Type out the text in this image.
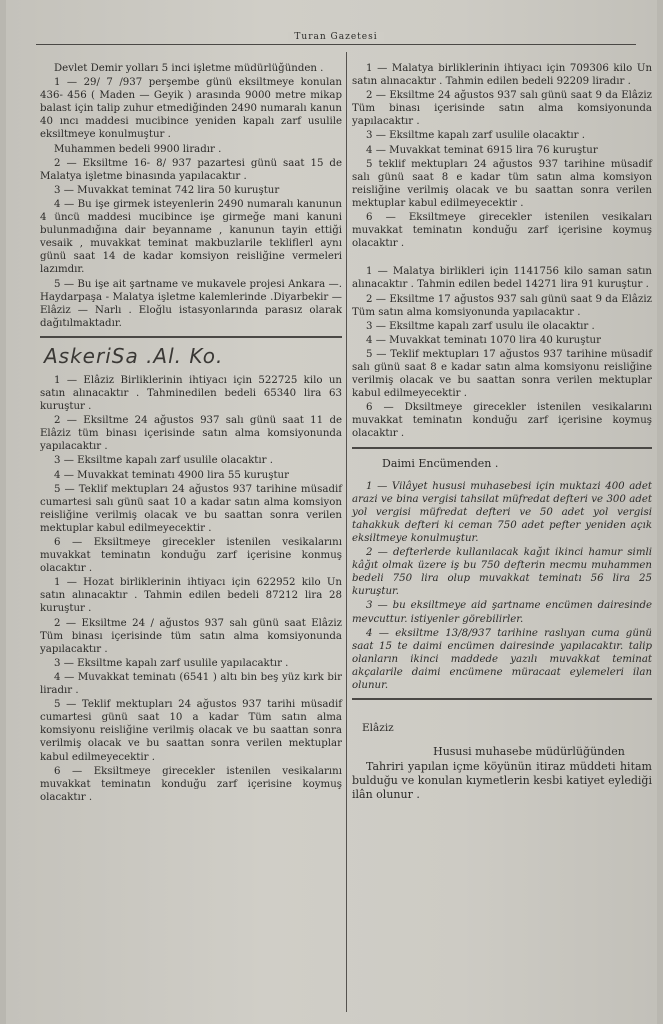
Turan Gazetesi

Devlet Demir yolları 5 inci işletme müdürlüğünden .

1 — 29/ 7 /937 perşembe günü eksiltmeye konulan 436- 456 ( Maden — Geyik ) arasında 9000 metre mikap balast için talip zuhur etmediğinden 2490 numaralı kanun 40 ıncı maddesi mucibince yeniden kapalı zarf usulile eksiltmeye konulmuştur .

Muhammen bedeli 9900 liradır .

2 — Eksiltme 16- 8/ 937 pazartesi günü saat 15 de Malatya işletme binasında yapılacaktır .

3 — Muvakkat teminat 742 lira 50 kuruştur

4 — Bu işe girmek isteyenlerin 2490 numaralı kanunun 4 üncü maddesi mucibince işe girmeğe mani kanuni bulunmadığına dair beyanname , kanunun tayin ettiği vesaik , muvakkat teminat makbuzlarile tekliflerl aynı günü saat 14 de kadar komsiyon reisliğine vermeleri lazımdır.

5 — Bu işe ait şartname ve mukavele projesi Ankara —. Haydarpaşa - Malatya işletme kalemlerinde .Diyarbekir —Elâziz — Narlı . Eloğlu istasyonlarında parasız olarak dağıtılmaktadır.

AskeriSa .Al. Ko.

1 — Elâziz Birliklerinin ihtiyacı için 522725 kilo un satın alınacaktır . Tahminedilen bedeli 65340 lira 63 kuruştur .

2 — Eksiltme 24 ağustos 937 salı günü saat 11 de Elâziz tüm binası içerisinde satın alma komsiyonunda yapılacaktır .

3 — Eksiltme kapalı zarf usulile olacaktır .

4 — Muvakkat teminatı 4900 lira 55 kuruştur

5 — Teklif mektupları 24 ağustos 937 tarihine müsadif cumartesi salı günü saat 10 a kadar satın alma komsiyon reisliğine verilmiş olacak ve bu saattan sonra verilen mektuplar kabul edilmeyecektir .

6 — Eksiltmeye girecekler istenilen vesikalarını muvakkat teminatın konduğu zarf içerisine konmuş olacaktır .

1 — Hozat birliklerinin ihtiyacı için 622952 kilo Un satın alınacaktır . Tahmin edilen bedeli 87212 lira 28 kuruştur .

2 — Eksiltme 24 / ağustos 937 salı günü saat Elâziz Tüm binası içerisinde tüm satın alma komsiyonunda yapılacaktır .

3 — Eksiltme kapalı zarf usulile yapılacaktır .

4 — Muvakkat teminatı (6541 ) altı bin beş yüz kırk bir liradır .

5 — Teklif mektupları 24 ağustos 937 tarihi müsadif cumartesi günü saat 10 a kadar Tüm satın alma komsiyonu reisliğine verilmiş olacak ve bu saattan sonra verilmiş olacak ve bu saattan sonra verilen mektuplar kabul edilmeyecektir .

6 — Eksiltmeye girecekler istenilen vesikalarını muvakkat teminatın konduğu zarf içerisine koymuş olacaktır .

1 — Malatya birliklerinin ihtiyacı için 709306 kilo Un satın alınacaktır . Tahmin edilen bedeli 92209 liradır .

2 — Eksiltme 24 ağustos 937 salı günü saat 9 da Elâziz Tüm binası içerisinde satın alma komsiyonunda yapılacaktır .

3 — Eksiltme kapalı zarf usulile olacaktır .

4 — Muvakkat teminat 6915 lira 76 kuruştur

5 teklif mektupları 24 ağustos 937 tarihine müsadif salı günü saat 8 e kadar tüm satın alma komsiyon reisliğine verilmiş olacak ve bu saattan sonra verilen mektuplar kabul edilmeyecektir .

6 — Eksiltmeye girecekler istenilen vesikaları muvakkat teminatın konduğu zarf içerisine koymuş olacaktır .

1 — Malatya birlikleri için 1141756 kilo saman satın alınacaktır . Tahmin edilen bedel 14271 lira 91 kuruştur .

2 — Eksiltme 17 ağustos 937 salı günü saat 9 da Elâziz Tüm satın alma komsiyonunda yapılacaktır .

3 — Eksiltme kapalı zarf usulu ile olacaktır .

4 — Muvakkat teminatı 1070 lira 40 kuruştur

5 — Teklif mektupları 17 ağustos 937 tarihine müsadif salı günü saat 8 e kadar satın alma komsiyonu reisliğine verilmiş olacak ve bu saattan sonra verilen mektuplar kabul edilmeyecektir .

6 — Dksiltmeye girecekler istenilen vesikalarını muvakkat teminatın konduğu zarf içerisine koymuş olacaktır .

Daimi Encümenden .

1 — Vilâyet hususi muhasebesi için muktazi 400 adet arazi ve bina vergisi tahsilat müfredat defteri ve 300 adet yol vergisi müfredat defteri ve 50 adet yol vergisi tahakkuk defteri ki ceman 750 adet pefter yeniden açık eksiltmeye konulmuştur.

2 — defterlerde kullanılacak kağıt ikinci hamur simli kâğıt olmak üzere iş bu 750 defterin mecmu muhammen bedeli 750 lira olup muvakkat teminatı 56 lira 25 kuruştur.

3 — bu eksiltmeye aid şartname encümen dairesinde mevcuttur. istiyenler görebilirler.

4 — eksiltme 13/8/937 tarihine raslıyan cuma günü saat 15 te daimi encümen dairesinde yapılacaktır. talip olanların ikinci maddede yazılı muvakkat teminat akçalarile daimi encümene müracaat eylemeleri ilan olunur.

Elâziz

Hususi muhasebe müdürlüğünden

Tahriri yapılan içme köyünün itiraz müddeti hitam bulduğu ve konulan kıymetlerin kesbi katiyet eylediği ilân olunur .
